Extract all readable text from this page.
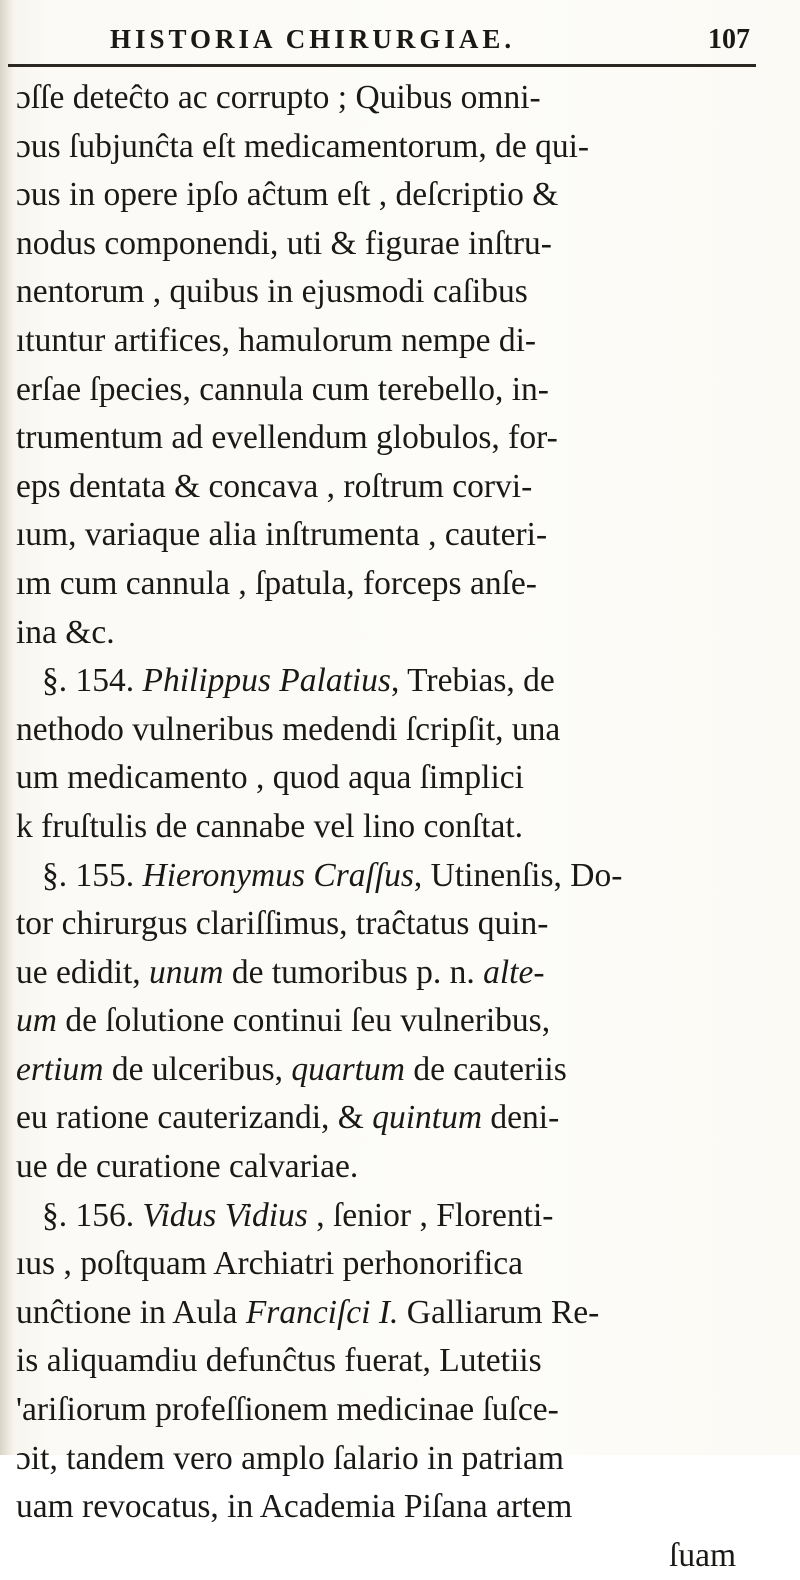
HISTORIA CHIRURGIAE.	107
ɔſſe deteĉto ac corrupto ; Quibus omni-
ɔus ſubjunĉta eſt medicamentorum, de qui-
ɔus in opere ipſo aĉtum eſt , deſcriptio &
nodus componendi, uti & figurae inſtru-
nentorum , quibus in ejusmodi caſibus
ıtuntur artifices, hamulorum nempe di-
erſae ſpecies, cannula cum terebello, in-
trumentum ad evellendum globulos, for-
eps dentata & concava , roſtrum corvi-
ıum, variaque alia inſtrumenta , cauteri-
ım cum cannula , ſpatula, forceps anſe-
ina &c.
§. 154. Philippus Palatius, Trebias, de
nethodo vulneribus medendi ſcripſit, una
um medicamento , quod aqua ſimplici
k fruſtulis de cannabe vel lino conſtat.
§. 155. Hieronymus Craſſus, Utinenſis, Do-
tor chirurgus clariſſimus, traĉtatus quin-
ue edidit, unum de tumoribus p. n. alte-
um de ſolutione continui ſeu vulneribus,
ertium de ulceribus, quartum de cauteriis
eu ratione cauterizandi, & quintum deni-
ue de curatione calvariae.
§. 156. Vidus Vidius , ſenior , Florenti-
ıus , poſtquam Archiatri perhonorifica
unĉtione in Aula Franciſci I. Galliarum Re-
is aliquamdiu defunĉtus fuerat, Lutetiis
'ariſiorum profeſſionem medicinae ſuſce-
ɔit, tandem vero amplo ſalario in patriam
uam revocatus, in Academia Piſana artem
ſuam
